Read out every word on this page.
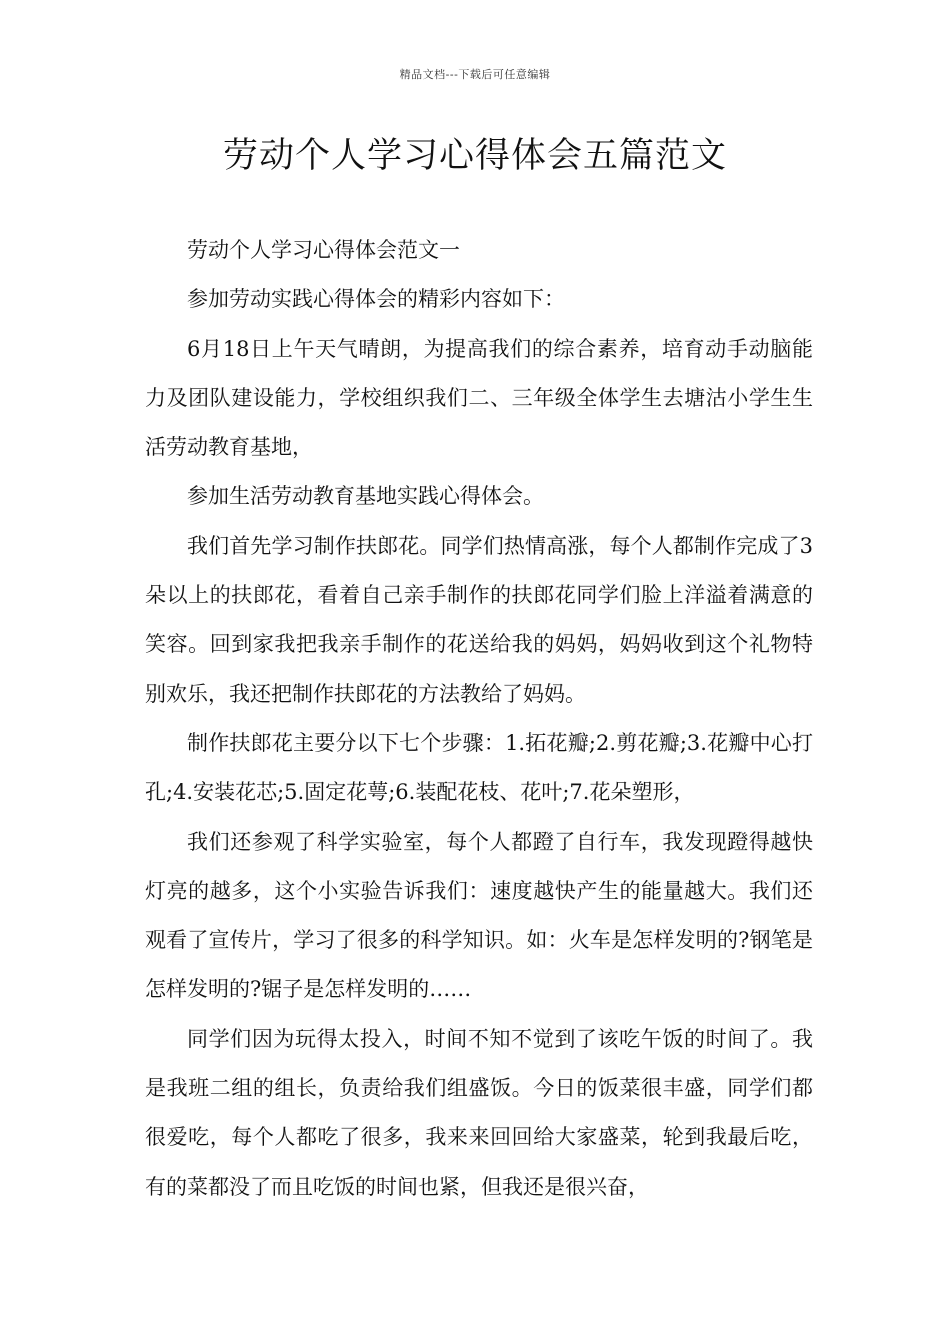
精品文档---下载后可任意编辑
劳动个人学习心得体会五篇范文

劳动个人学习心得体会范文一

参加劳动实践心得体会的精彩内容如下：

6月18日上午天气晴朗，为提高我们的综合素养，培育动手动脑能力及团队建设能力，学校组织我们二、三年级全体学生去塘沽小学生生活劳动教育基地，

参加生活劳动教育基地实践心得体会。

我们首先学习制作扶郎花。同学们热情高涨，每个人都制作完成了3朵以上的扶郎花，看着自己亲手制作的扶郎花同学们脸上洋溢着满意的笑容。回到家我把我亲手制作的花送给我的妈妈，妈妈收到这个礼物特别欢乐，我还把制作扶郎花的方法教给了妈妈。

制作扶郎花主要分以下七个步骤：1.拓花瓣;2.剪花瓣;3.花瓣中心打孔;4.安装花芯;5.固定花萼;6.装配花枝、花叶;7.花朵塑形，

我们还参观了科学实验室，每个人都蹬了自行车，我发现蹬得越快灯亮的越多，这个小实验告诉我们：速度越快产生的能量越大。我们还观看了宣传片，学习了很多的科学知识。如：火车是怎样发明的?钢笔是怎样发明的?锯子是怎样发明的……

同学们因为玩得太投入，时间不知不觉到了该吃午饭的时间了。我是我班二组的组长，负责给我们组盛饭。今日的饭菜很丰盛，同学们都很爱吃，每个人都吃了很多，我来来回回给大家盛菜，轮到我最后吃，有的菜都没了而且吃饭的时间也紧，但我还是很兴奋，
